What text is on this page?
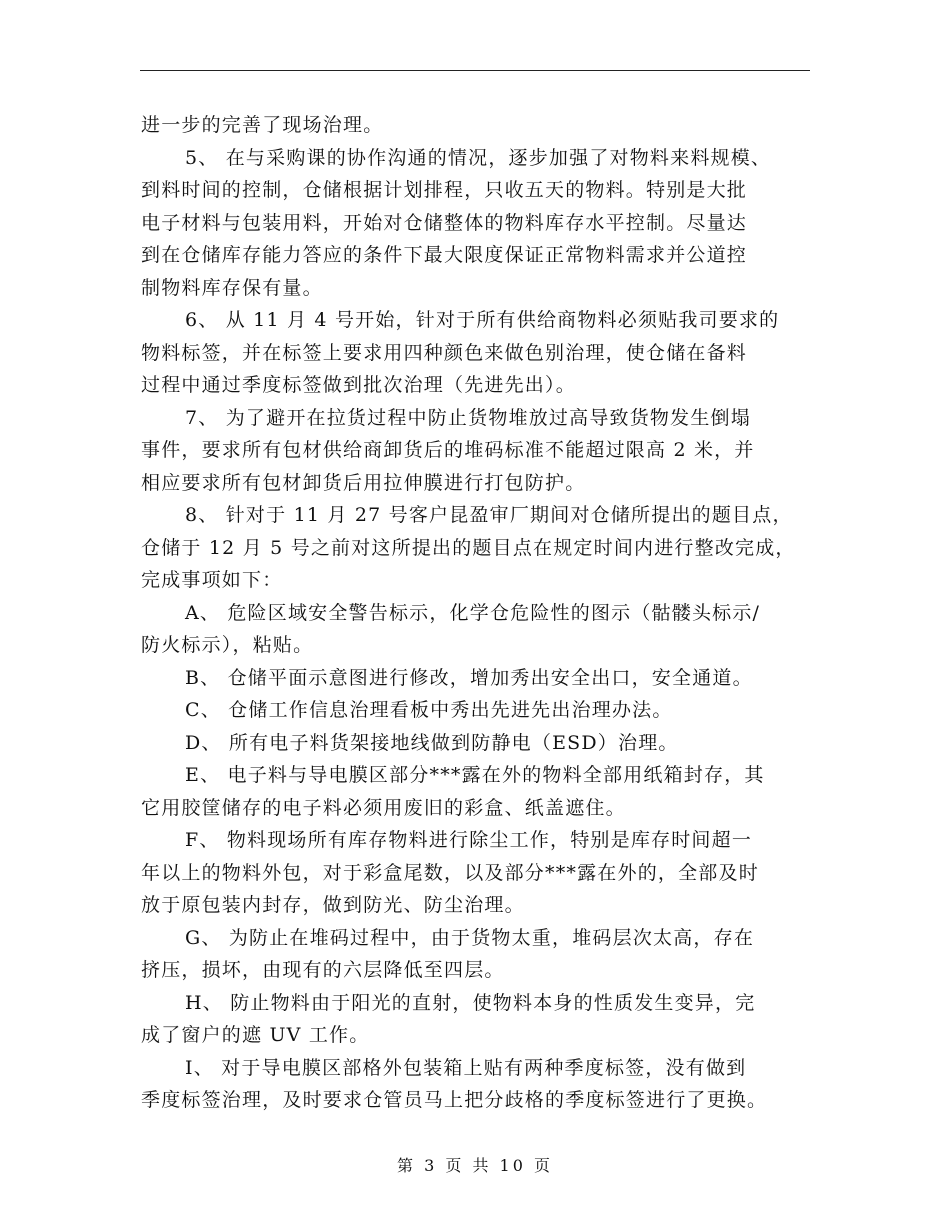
进一步的完善了现场治理。
5、 在与采购课的协作沟通的情况，逐步加强了对物料来料规模、
到料时间的控制，仓储根据计划排程，只收五天的物料。特别是大批
电子材料与包装用料，开始对仓储整体的物料库存水平控制。尽量达
到在仓储库存能力答应的条件下最大限度保证正常物料需求并公道控
制物料库存保有量。
6、 从 11 月 4 号开始，针对于所有供给商物料必须贴我司要求的
物料标签，并在标签上要求用四种颜色来做色别治理，使仓储在备料
过程中通过季度标签做到批次治理（先进先出）。
7、 为了避开在拉货过程中防止货物堆放过高导致货物发生倒塌
事件，要求所有包材供给商卸货后的堆码标准不能超过限高 2 米，并
相应要求所有包材卸货后用拉伸膜进行打包防护。
8、 针对于 11 月 27 号客户昆盈审厂期间对仓储所提出的题目点，
仓储于 12 月 5 号之前对这所提出的题目点在规定时间内进行整改完成，
完成事项如下：
A、 危险区域安全警告标示，化学仓危险性的图示（骷髅头标示/
防火标示），粘贴。
B、 仓储平面示意图进行修改，增加秀出安全出口，安全通道。
C、 仓储工作信息治理看板中秀出先进先出治理办法。
D、 所有电子料货架接地线做到防静电（ESD）治理。
E、 电子料与导电膜区部分***露在外的物料全部用纸箱封存，其
它用胶筐储存的电子料必须用废旧的彩盒、纸盖遮住。
F、 物料现场所有库存物料进行除尘工作，特别是库存时间超一
年以上的物料外包，对于彩盒尾数，以及部分***露在外的，全部及时
放于原包装内封存，做到防光、防尘治理。
G、 为防止在堆码过程中，由于货物太重，堆码层次太高，存在
挤压，损坏，由现有的六层降低至四层。
H、 防止物料由于阳光的直射，使物料本身的性质发生变异，完
成了窗户的遮 UV 工作。
I、 对于导电膜区部格外包装箱上贴有两种季度标签，没有做到
季度标签治理，及时要求仓管员马上把分歧格的季度标签进行了更换。
第 3 页 共 10 页
